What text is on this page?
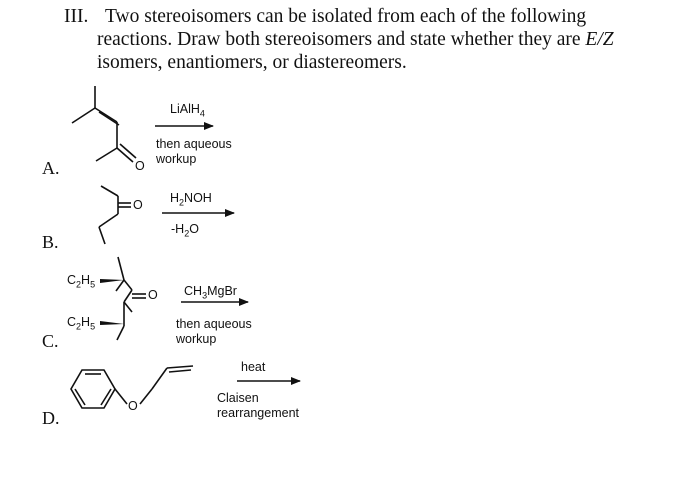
III. Two stereoisomers can be isolated from each of the following
reactions. Draw both stereoisomers and state whether they are E/Z
isomers, enantiomers, or diastereomers.
A.
B.
C.
D.
O
O
O
O
$C_2H_5$
$C_2H_5$
LiAlH$_4$
then aqueous
workup
$H_2NOH$
$-H_2O$
$CH_3MgBr$
then aqueous
workup
heat
Claisen
rearrangement
